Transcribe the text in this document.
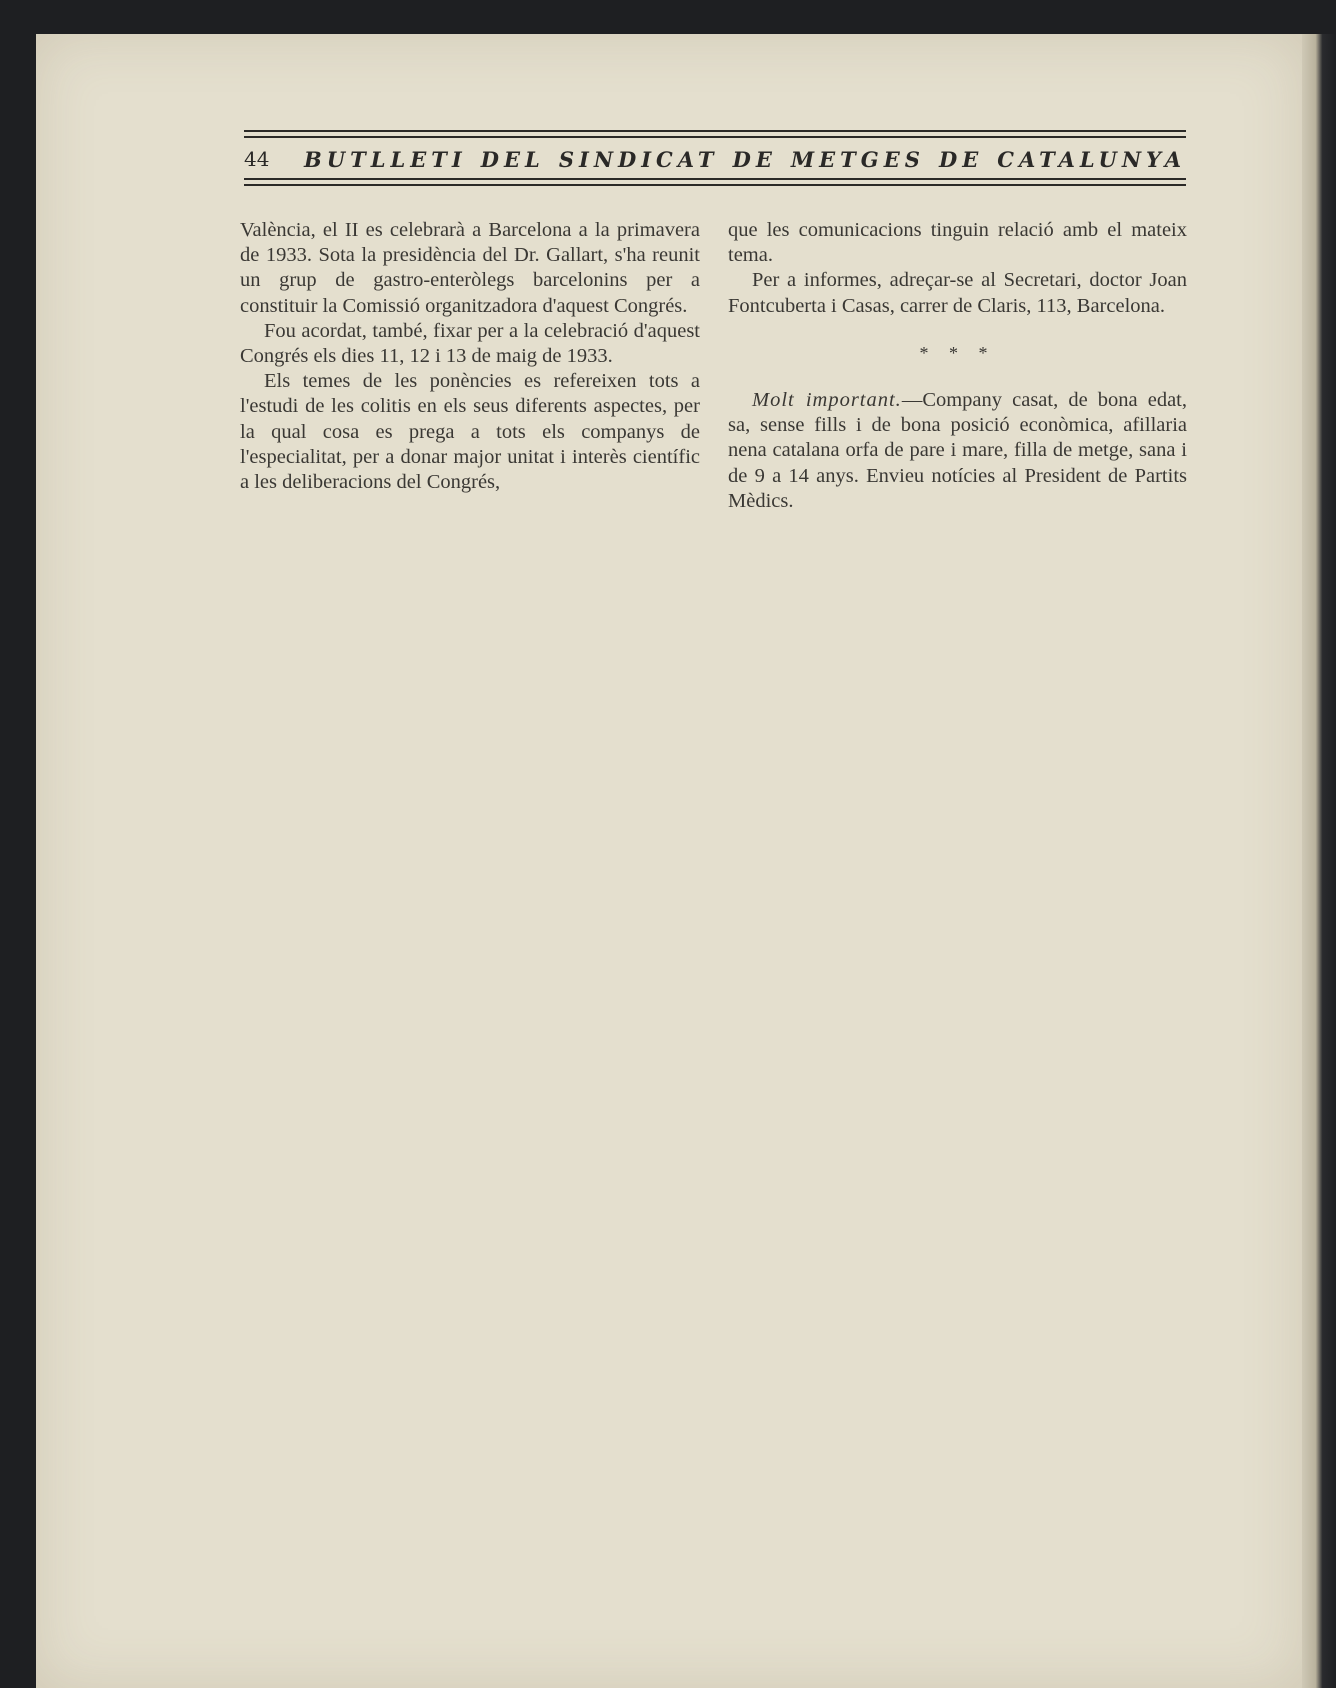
44 BUTLLETI DEL SINDICAT DE METGES DE CATALUNYA

València, el II es celebrarà a Barcelona a la primavera de 1933. Sota la presidència del Dr. Gallart, s'ha reunit un grup de gastro-enteròlegs barcelonins per a constituir la Comissió organitzadora d'aquest Congrés.

Fou acordat, també, fixar per a la celebració d'aquest Congrés els dies 11, 12 i 13 de maig de 1933.

Els temes de les ponències es refereixen tots a l'estudi de les colitis en els seus diferents aspectes, per la qual cosa es prega a tots els companys de l'especialitat, per a donar major unitat i interès científic a les deliberacions del Congrés,

que les comunicacions tinguin relació amb el mateix tema.

Per a informes, adreçar-se al Secretari, doctor Joan Fontcuberta i Casas, carrer de Claris, 113, Barcelona.

* * *

Molt important.—Company casat, de bona edat, sa, sense fills i de bona posició econòmica, afillaria nena catalana orfa de pare i mare, filla de metge, sana i de 9 a 14 anys. Envieu notícies al President de Partits Mèdics.
